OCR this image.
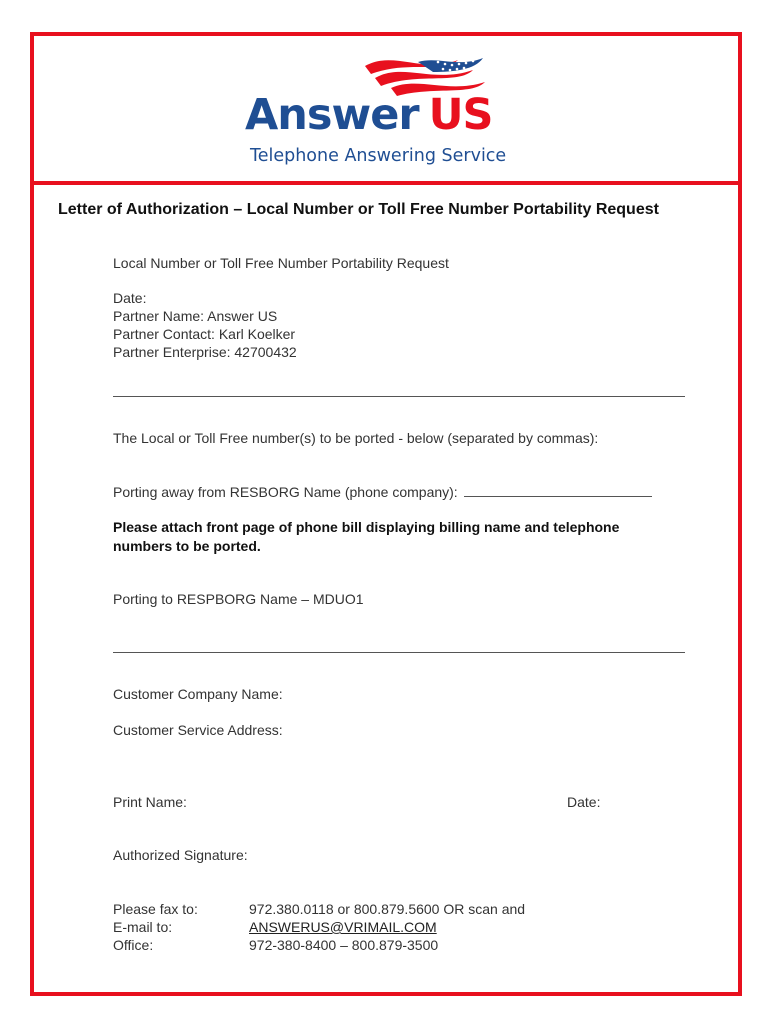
Answer US
Telephone Answering Service
Letter of Authorization – Local Number or Toll Free Number Portability Request
Local Number or Toll Free Number Portability Request
Date:
Partner Name: Answer US
Partner Contact: Karl Koelker
Partner Enterprise: 42700432
The Local or Toll Free number(s) to be ported - below (separated by commas):
Porting away from RESBORG Name (phone company):
Please attach front page of phone bill displaying billing name and telephone
numbers to be ported.
Porting to RESPBORG Name – MDUO1
Customer Company Name:
Customer Service Address:
Print Name:	Date:
Authorized Signature:
Please fax to:	972.380.0118 or 800.879.5600 OR scan and
E-mail to:	ANSWERUS@VRIMAIL.COM
Office:	972-380-8400 – 800.879-3500
